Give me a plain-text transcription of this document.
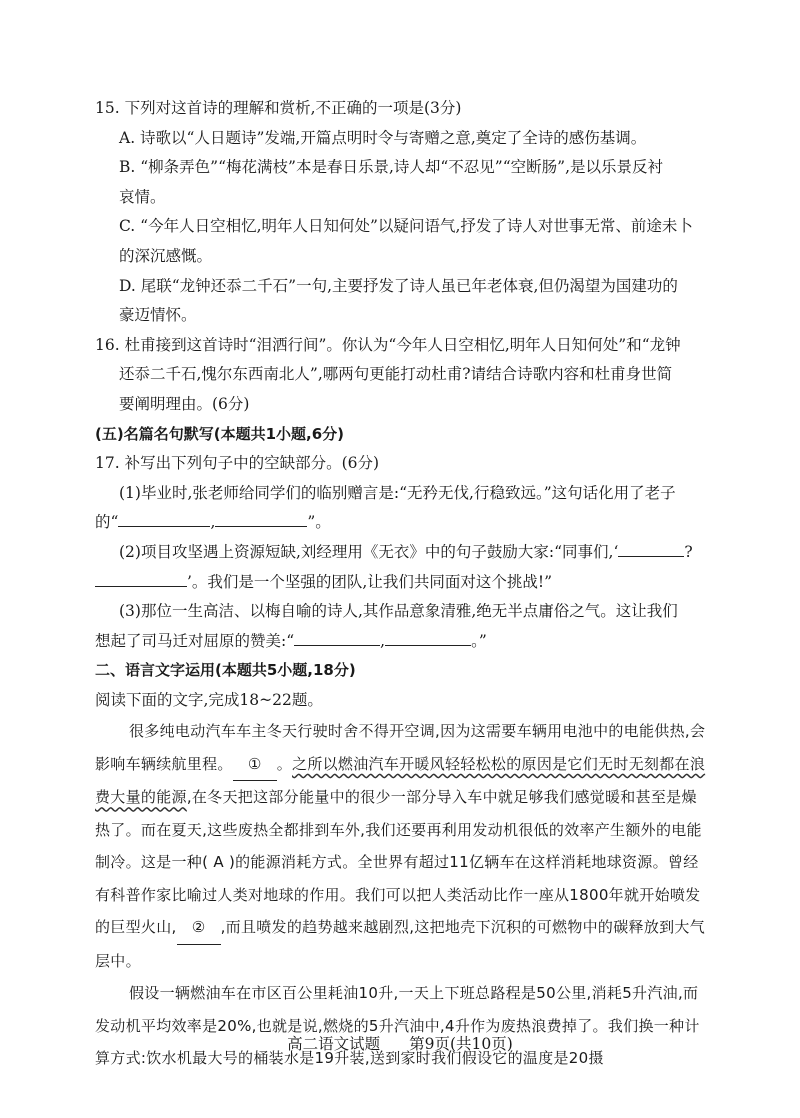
15. 下列对这首诗的理解和赏析,不正确的一项是(3分)

A. 诗歌以“人日题诗”发端,开篇点明时令与寄赠之意,奠定了全诗的感伤基调。

B. “柳条弄色”“梅花满枝”本是春日乐景,诗人却“不忍见”“空断肠”,是以乐景反衬

哀情。

C. “今年人日空相忆,明年人日知何处”以疑问语气,抒发了诗人对世事无常、前途未卜

的深沉感慨。

D. 尾联“龙钟还忝二千石”一句,主要抒发了诗人虽已年老体衰,但仍渴望为国建功的

豪迈情怀。

16. 杜甫接到这首诗时“泪洒行间”。你认为“今年人日空相忆,明年人日知何处”和“龙钟

还忝二千石,愧尔东西南北人”,哪两句更能打动杜甫?请结合诗歌内容和杜甫身世简

要阐明理由。(6分)

(五)名篇名句默写(本题共1小题,6分)

17. 补写出下列句子中的空缺部分。(6分)

(1)毕业时,张老师给同学们的临别赠言是:“无矜无伐,行稳致远。”这句话化用了老子

的“	,	”。

(2)项目攻坚遇上资源短缺,刘经理用《无衣》中的句子鼓励大家:“同事们,‘	?

’。我们是一个坚强的团队,让我们共同面对这个挑战!”

(3)那位一生高洁、以梅自喻的诗人,其作品意象清雅,绝无半点庸俗之气。这让我们

想起了司马迁对屈原的赞美:“	,	。”

二、语言文字运用(本题共5小题,18分)

阅读下面的文字,完成18~22题。

很多纯电动汽车车主冬天行驶时舍不得开空调,因为这需要车辆用电池中的电能供热,会影响车辆续航里程。 ① 。之所以燃油汽车开暖风轻轻松松的原因是它们无时无刻都在浪费大量的能源,在冬天把这部分能量中的很少一部分导入车中就足够我们感觉暖和甚至是燥热了。而在夏天,这些废热全都排到车外,我们还要再利用发动机很低的效率产生额外的电能制冷。这是一种( A )的能源消耗方式。全世界有超过11亿辆车在这样消耗地球资源。曾经有科普作家比喻过人类对地球的作用。我们可以把人类活动比作一座从1800年就开始喷发的巨型火山, ② ,而且喷发的趋势越来越剧烈,这把地壳下沉积的可燃物中的碳释放到大气层中。

假设一辆燃油车在市区百公里耗油10升,一天上下班总路程是50公里,消耗5升汽油,而发动机平均效率是20%,也就是说,燃烧的5升汽油中,4升作为废热浪费掉了。我们换一种计算方式:饮水机最大号的桶装水是19升装,送到家时我们假设它的温度是20摄

高二语文试题 第9页(共10页)
